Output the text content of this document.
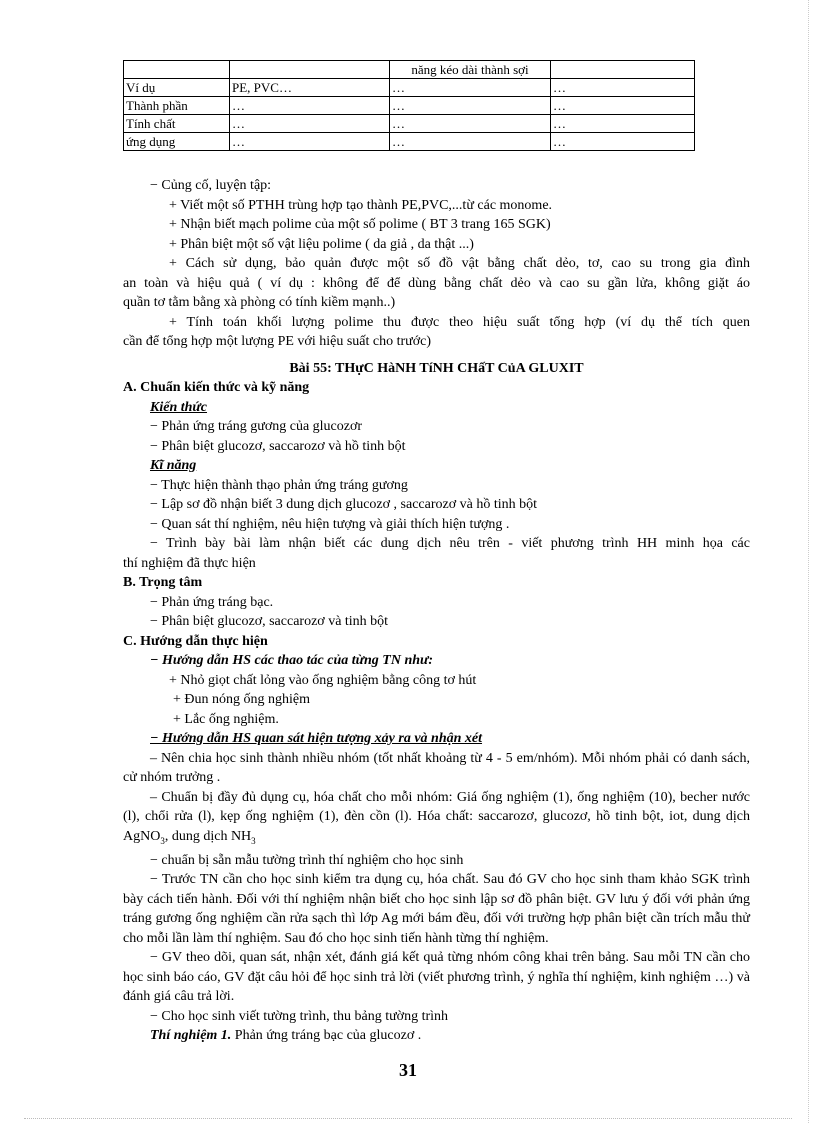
		năng kéo dài thành sợi	
Ví dụ	PE, PVC…	…	…
Thành phần	…	…	…
Tính chất	…	…	…
ứng dụng	…	…	…
− Củng cố, luyện tập:
+ Viết một số PTHH trùng hợp tạo thành PE,PVC,...từ các monome.
+ Nhận biết mạch polime của một số polime ( BT 3 trang 165 SGK)
+ Phân biệt một số vật liệu polime ( da giả , da thật ...)
+ Cách sử dụng, bảo quản được một số đồ vật bằng chất dẻo, tơ, cao su trong gia đình
an toàn và hiệu quả ( ví dụ : không để để dùng bằng chất dẻo và cao su gần lửa, không giặt áo
quần tơ tằm bằng xà phòng có tính kiềm mạnh..)
+ Tính toán khối lượng polime thu được theo hiệu suất tổng hợp (ví dụ thể tích quen
cần để tổng hợp một lượng PE với hiệu suất cho trước)
Bài 55: THựC HàNH TíNH CHấT CủA GLUXIT
A. Chuẩn kiến thức và kỹ năng
Kiến thức
− Phản ứng tráng gương của glucozơr
− Phân biệt glucozơ, saccarozơ và hồ tinh bột
Kĩ năng
− Thực hiện thành thạo phản ứng tráng gương
− Lập sơ đồ nhận biết 3 dung dịch glucozơ , saccarozơ và hồ tinh bột
− Quan sát thí nghiệm, nêu hiện tượng và giải thích hiện tượng .
− Trình bày bài làm nhận biết các dung dịch nêu trên - viết phương trình HH minh họa các
thí nghiệm đã thực hiện
B. Trọng tâm
− Phản ứng tráng bạc.
− Phân biệt glucozơ, saccarozơ và tinh bột
C. Hướng dẫn thực hiện
− Hướng dẫn HS các thao tác của từng TN như:
+ Nhỏ giọt chất lỏng vào ống nghiệm bằng công tơ hút
+ Đun nóng ống nghiệm
+ Lắc ống nghiệm.
− Hướng dẫn HS quan sát hiện tượng xảy ra và nhận xét
– Nên chia học sinh thành nhiều nhóm (tốt nhất khoảng từ 4 - 5 em/nhóm). Mỗi nhóm phải có danh sách, cử nhóm trưởng .
– Chuẩn bị đầy đủ dụng cụ, hóa chất cho mỗi nhóm: Giá ống nghiệm (1), ống nghiệm (10), becher nước (l), chổi rửa (l), kẹp ống nghiệm (1), đèn cồn (l). Hóa chất: saccarozơ, glucozơ, hồ tinh bột, iot, dung dịch AgNO$_3$, dung dịch $NH_3$
− chuẩn bị sẵn mẫu tường trình thí nghiệm cho học sinh
− Trước TN cần cho học sinh kiểm tra dụng cụ, hóa chất. Sau đó GV cho học sinh tham khảo SGK trình bày cách tiến hành. Đối với thí nghiệm nhận biết cho học sinh lập sơ đồ phân biệt. GV lưu ý đối với phản ứng tráng gương ống nghiệm cần rửa sạch thì lớp Ag mới bám đều, đối với trường hợp phân biệt cần trích mẫu thử cho mỗi lần làm thí nghiệm. Sau đó cho học sinh tiến hành từng thí nghiệm.
− GV theo dõi, quan sát, nhận xét, đánh giá kết quả từng nhóm công khai trên bảng. Sau mỗi TN cần cho học sinh báo cáo, GV đặt câu hỏi để học sinh trả lời (viết phương trình, ý nghĩa thí nghiệm, kinh nghiệm …) và đánh giá câu trả lời.
− Cho học sinh viết tường trình, thu bảng tường trình
Thí nghiệm 1. Phản ứng tráng bạc của glucozơ .
31
